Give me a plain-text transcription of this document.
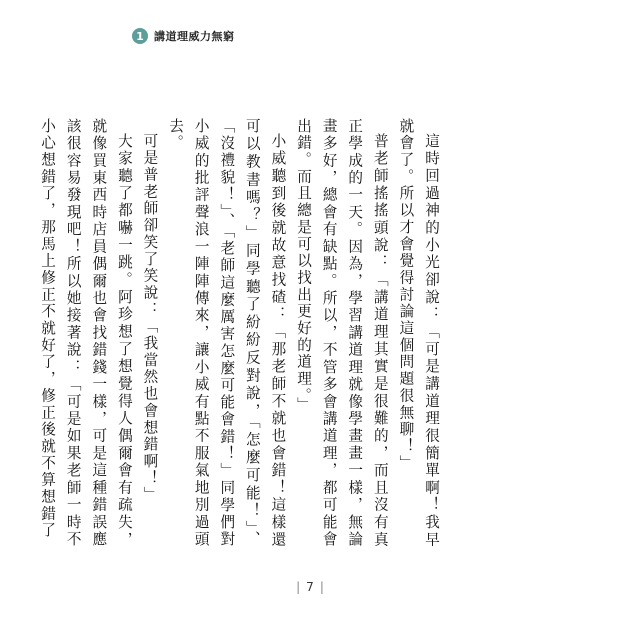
1 講道理威力無窮

這時回過神的小光卻說：「可是講道理很簡單啊！我早就會了。所以才會覺得討論這個問題很無聊！」

普老師搖搖頭說：「講道理其實是很難的，而且沒有真正學成的一天。因為，學習講道理就像學畫畫一樣，無論畫多好，總會有缺點。所以，不管多會講道理，都可能會出錯。而且總是可以找出更好的道理。」

小威聽到後就故意找碴：「那老師不就也會錯！這樣還可以教書嗎？」同學聽了紛紛反對說，「怎麼可能！」、「沒禮貌！」、「老師這麼厲害怎麼可能會錯！」同學們對小威的批評聲浪一陣陣傳來，讓小威有點不服氣地別過頭去。

可是普老師卻笑了笑說：「我當然也會想錯啊！」

大家聽了都嚇一跳。阿珍想了想覺得人偶爾會有疏失，就像買東西時店員偶爾也會找錯錢一樣，可是這種錯誤應該很容易發現吧！所以她接著說：「可是如果老師一時不小心想錯了，那馬上修正不就好了，修正後就不算想錯了

| 7 |
